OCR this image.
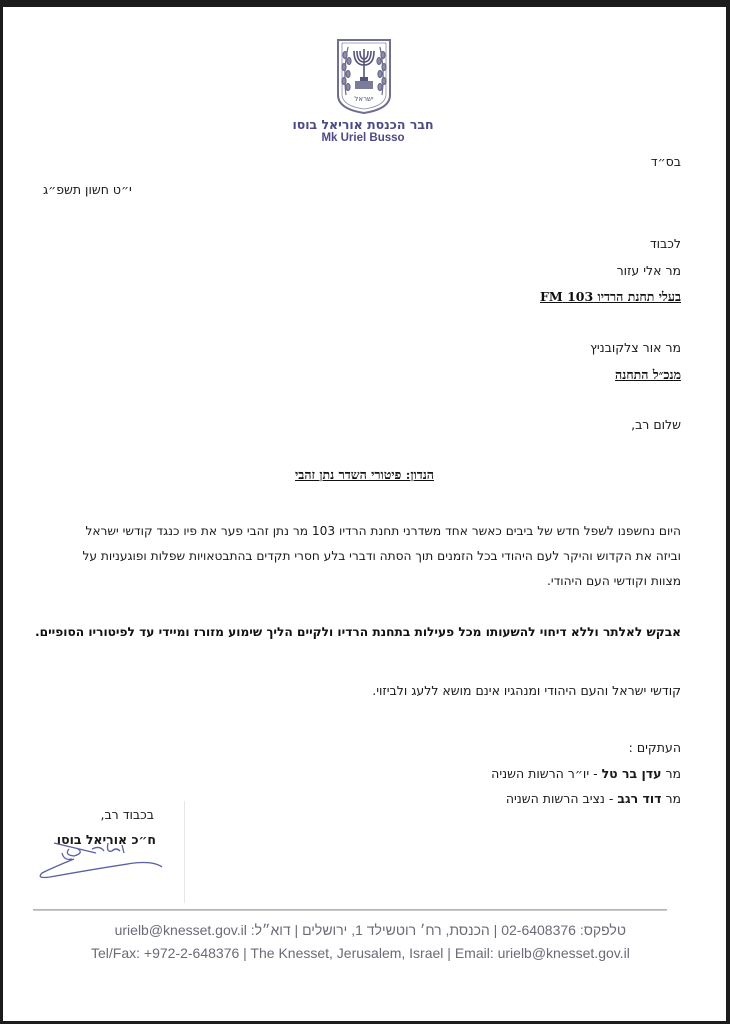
ישראל
חבר הכנסת אוריאל בוסו
Mk Uriel Busso
בס״ד
י״ט חשון תשפ״ג
לכבוד
מר אלי עזור
בעלי תחנת הרדיו 103 FM
מר אור צלקובניץ
מנכ״ל התחנה
שלום רב,
הנדון: פיטורי השדר נתן זהבי
היום נחשפנו לשפל חדש של ביבים כאשר אחד משדרני תחנת הרדיו 103 מר נתן זהבי פער את פיו כנגד קודשי ישראל
וביזה את הקדוש והיקר לעם היהודי בכל הזמנים תוך הסתה ודברי בלע חסרי תקדים בהתבטאויות שפלות ופוגעניות על
מצוות וקודשי העם היהודי.
אבקש לאלתר וללא דיחוי להשעותו מכל פעילות בתחנת הרדיו ולקיים הליך שימוע מזורז ומיידי עד לפיטוריו הסופיים.
קודשי ישראל והעם היהודי ומנהגיו אינם מושא ללעג ולביזוי.
העתקים :
מר עדן בר טל - יו״ר הרשות השניה
מר דוד רגב - נציב הרשות השניה
בכבוד רב,
ח״כ אוריאל בוסו
טלפקס: 02-6408376 | הכנסת, רח׳ רוטשילד 1, ירושלים | דוא״ל: urielb@knesset.gov.il
Tel/Fax: +972-2-648376 | The Knesset, Jerusalem, Israel | Email: urielb@knesset.gov.il
